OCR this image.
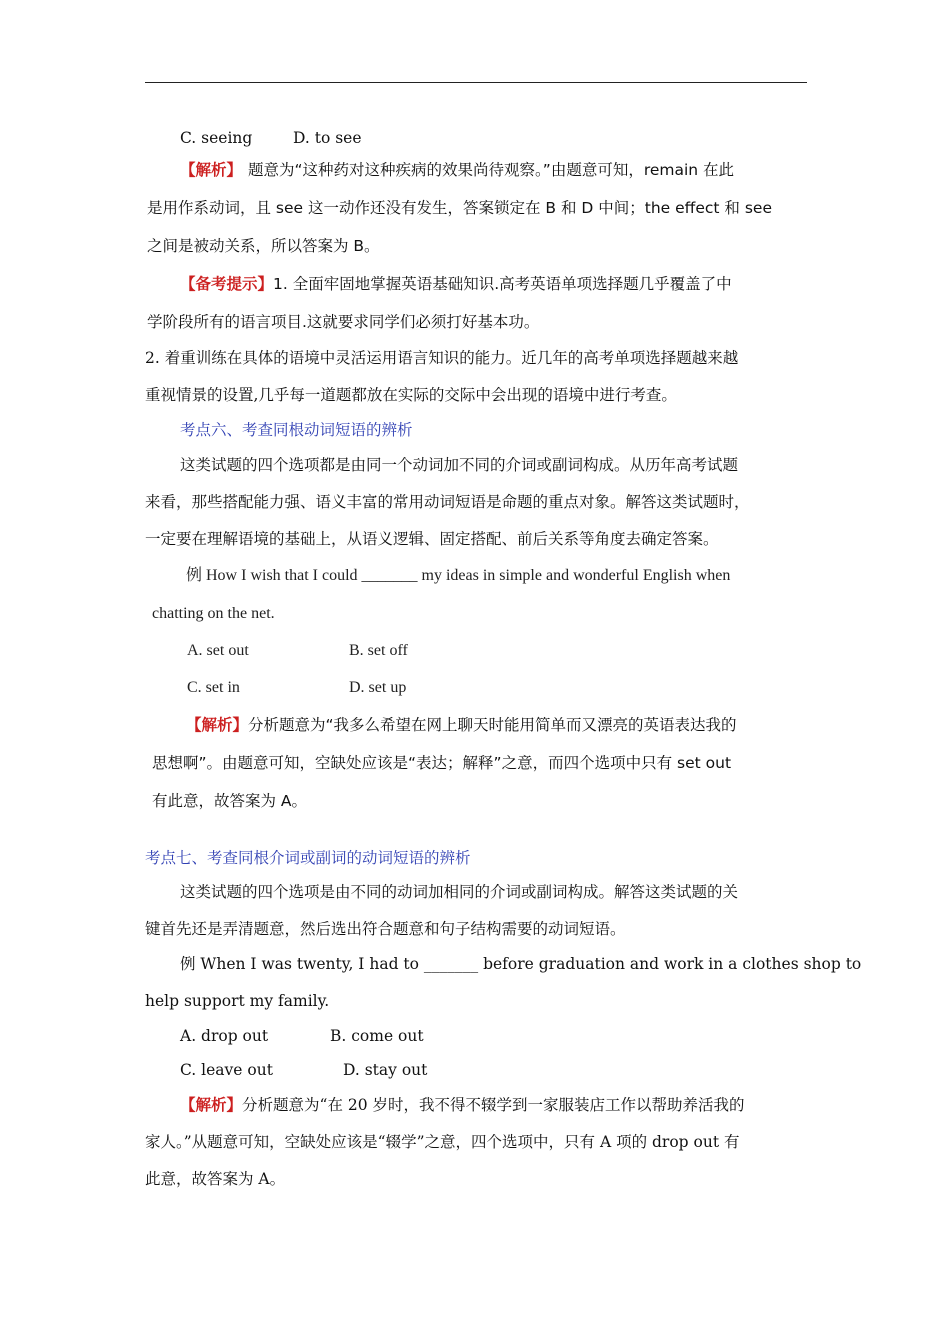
C. seeing	D. to see
【解析】 题意为“这种药对这种疾病的效果尚待观察。”由题意可知，remain 在此
是用作系动词，且 see 这一动作还没有发生，答案锁定在 B 和 D 中间；the effect 和 see
之间是被动关系，所以答案为 B。
【备考提示】1. 全面牢固地掌握英语基础知识.高考英语单项选择题几乎覆盖了中
学阶段所有的语言项目.这就要求同学们必须打好基本功。
2. 着重训练在具体的语境中灵活运用语言知识的能力。近几年的高考单项选择题越来越
重视情景的设置,几乎每一道题都放在实际的交际中会出现的语境中进行考查。
考点六、考查同根动词短语的辨析
这类试题的四个选项都是由同一个动词加不同的介词或副词构成。从历年高考试题
来看，那些搭配能力强、语义丰富的常用动词短语是命题的重点对象。解答这类试题时，
一定要在理解语境的基础上，从语义逻辑、固定搭配、前后关系等角度去确定答案。
例 How I wish that I could _______ my ideas in simple and wonderful English when
chatting on the net.
A. set out	B. set off
C. set in	D. set up
【解析】分析题意为“我多么希望在网上聊天时能用简单而又漂亮的英语表达我的
思想啊”。由题意可知，空缺处应该是“表达；解释”之意，而四个选项中只有 set out
有此意，故答案为 A。
考点七、考查同根介词或副词的动词短语的辨析
这类试题的四个选项是由不同的动词加相同的介词或副词构成。解答这类试题的关
键首先还是弄清题意，然后选出符合题意和句子结构需要的动词短语。
例 When I was twenty, I had to _______ before graduation and work in a clothes shop to
help support my family.
A. drop out	B. come out
C. leave out	D. stay out
【解析】分析题意为“在 20 岁时，我不得不辍学到一家服装店工作以帮助养活我的
家人。”从题意可知，空缺处应该是“辍学”之意，四个选项中，只有 A 项的 drop out 有
此意，故答案为 A。
